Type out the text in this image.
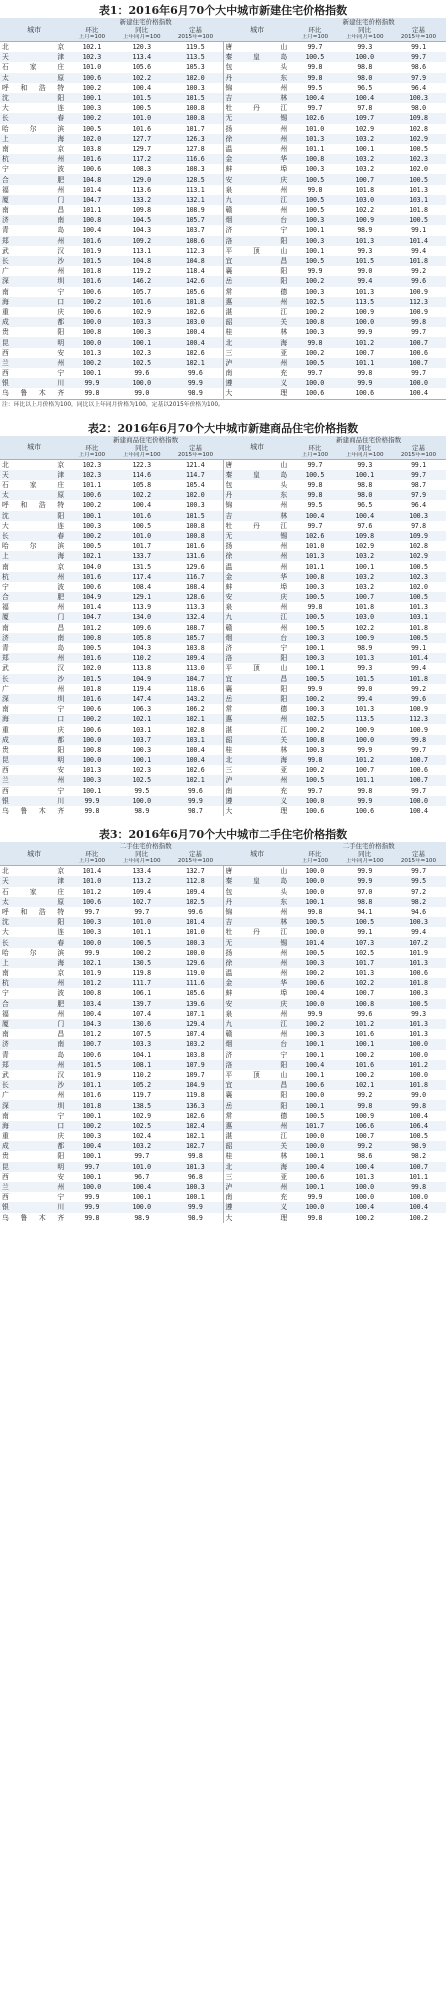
表1：2016年6月70个大中城市新建住宅价格指数
城市	新建住宅价格指数			城市	新建住宅价格指数		
	环比	同比	定基		环比	同比	定基
	上月=100	上年同月=100	2015年=100		上月=100	上年同月=100	2015年=100
北　京	102.1	120.3	119.5	唐　山	99.7	99.3	99.1
天　津	102.3	113.4	113.5	秦皇岛	100.5	100.0	99.7
石家庄	101.0	105.6	105.3	包　头	99.8	98.8	98.6
太　原	100.6	102.2	102.0	丹　东	99.8	98.0	97.9
呼和浩特	100.2	100.4	100.3	锦　州	99.5	96.5	96.4
沈　阳	100.1	101.5	101.5	吉　林	100.4	100.4	100.3
大　连	100.3	100.5	100.8	牡丹江	99.7	97.8	98.0
长　春	100.2	101.0	100.8	无　锡	102.6	109.7	109.8
哈尔滨	100.5	101.6	101.7	扬　州	101.0	102.9	102.8
上　海	102.0	127.7	126.3	徐　州	101.3	103.2	102.9
南　京	103.8	129.7	127.8	温　州	101.1	100.1	100.5
杭　州	101.6	117.2	116.6	金　华	100.8	103.2	102.3
宁　波	100.6	108.3	108.3	蚌　埠	100.3	103.2	102.0
合　肥	104.8	129.0	128.5	安　庆	100.5	100.7	100.5
福　州	101.4	113.6	113.1	泉　州	99.8	101.8	101.3
厦　门	104.7	133.2	132.1	九　江	100.5	103.0	103.1
南　昌	101.1	109.8	108.9	赣　州	100.5	102.2	101.8
济　南	100.8	104.5	105.7	烟　台	100.3	100.9	100.5
青　岛	100.4	104.3	103.7	济　宁	100.1	98.9	99.1
郑　州	101.6	109.2	108.6	洛　阳	100.3	101.3	101.4
武　汉	101.9	113.1	112.3	平顶山	100.1	99.3	99.4
长　沙	101.5	104.8	104.8	宜　昌	100.5	101.5	101.8
广　州	101.8	119.2	118.4	襄　阳	99.9	99.0	99.2
深　圳	101.6	146.2	142.6	岳　阳	100.2	99.4	99.6
南　宁	100.6	105.7	105.6	常　德	100.3	101.3	100.9
海　口	100.2	101.6	101.8	惠　州	102.5	113.5	112.3
重　庆	100.6	102.9	102.6	湛　江	100.2	100.9	100.9
成　都	100.0	103.3	103.0	韶　关	100.8	100.0	99.8
贵　阳	100.8	100.3	100.4	桂　林	100.3	99.9	99.7
昆　明	100.0	100.1	100.4	北　海	99.8	101.2	100.7
西　安	101.3	102.3	102.6	三　亚	100.2	100.7	100.6
兰　州	100.2	102.5	102.1	泸　州	100.5	101.1	100.7
西　宁	100.1	99.6	99.6	南　充	99.7	99.8	99.7
银　川	99.9	100.0	99.9	遵　义	100.0	99.9	100.0
乌鲁木齐	99.8	99.0	98.9	大　理	100.6	100.6	100.4
注：环比以上月价格为100，同比以上年同月价格为100，定基以2015年价格为100。
表2：2016年6月70个大中城市新建商品住宅价格指数
城市	新建商品住宅价格指数			城市	新建商品住宅价格指数		
	环比	同比	定基		环比	同比	定基
	上月=100	上年同月=100	2015年=100		上月=100	上年同月=100	2015年=100
北　京	102.3	122.3	121.4	唐　山	99.7	99.3	99.1
天　津	102.3	114.6	114.7	秦皇岛	100.5	100.1	99.7
石家庄	101.1	105.8	105.4	包　头	99.8	98.8	98.7
太　原	100.6	102.2	102.0	丹　东	99.8	98.0	97.9
呼和浩特	100.2	100.4	100.3	锦　州	99.5	96.5	96.4
沈　阳	100.1	101.6	101.5	吉　林	100.4	100.4	100.3
大　连	100.3	100.5	100.8	牡丹江	99.7	97.6	97.8
长　春	100.2	101.0	100.8	无　锡	102.6	109.8	109.9
哈尔滨	100.5	101.7	101.6	扬　州	101.0	102.9	102.8
上　海	102.1	133.7	131.6	徐　州	101.3	103.2	102.9
南　京	104.0	131.5	129.6	温　州	101.1	100.1	100.5
杭　州	101.6	117.4	116.7	金　华	100.8	103.2	102.3
宁　波	100.6	108.4	108.4	蚌　埠	100.3	103.2	102.0
合　肥	104.9	129.1	128.6	安　庆	100.5	100.7	100.5
福　州	101.4	113.9	113.3	泉　州	99.8	101.8	101.3
厦　门	104.7	134.0	132.4	九　江	100.5	103.0	103.1
南　昌	101.2	109.6	108.7	赣　州	100.5	102.2	101.8
济　南	100.8	105.8	105.7	烟　台	100.3	100.9	100.5
青　岛	100.5	104.3	103.8	济　宁	100.1	98.9	99.1
郑　州	101.6	110.2	109.4	洛　阳	100.3	101.3	101.4
武　汉	102.0	113.8	113.0	平顶山	100.1	99.3	99.4
长　沙	101.5	104.9	104.7	宜　昌	100.5	101.5	101.8
广　州	101.8	119.4	118.6	襄　阳	99.9	99.0	99.2
深　圳	101.6	147.4	143.2	岳　阳	100.2	99.4	99.6
南　宁	100.6	106.3	106.2	常　德	100.3	101.3	100.9
海　口	100.2	102.1	102.1	惠　州	102.5	113.5	112.3
重　庆	100.6	103.1	102.8	湛　江	100.2	100.9	100.9
成　都	100.0	103.7	103.1	韶　关	100.8	100.0	99.8
贵　阳	100.8	100.3	100.4	桂　林	100.3	99.9	99.7
昆　明	100.0	100.1	100.4	北　海	99.8	101.2	100.7
西　安	101.3	102.3	102.6	三　亚	100.2	100.7	100.6
兰　州	100.3	102.5	102.1	泸　州	100.5	101.1	100.7
西　宁	100.1	99.5	99.6	南　充	99.7	99.8	99.7
银　川	99.9	100.0	99.9	遵　义	100.0	99.9	100.0
乌鲁木齐	99.8	98.9	98.7	大　理	100.6	100.6	100.4
表3：2016年6月70个大中城市二手住宅价格指数
城市	二手住宅价格指数			城市	二手住宅价格指数		
	环比	同比	定基		环比	同比	定基
	上月=100	上年同月=100	2015年=100		上月=100	上年同月=100	2015年=100
北　京	101.4	133.4	132.7	唐　山	100.0	99.9	99.7
天　津	101.0	113.2	112.8	秦皇岛	100.0	99.9	99.5
石家庄	101.2	109.4	109.4	包　头	100.0	97.0	97.2
太　原	100.6	102.7	102.5	丹　东	100.1	98.8	98.2
呼和浩特	99.7	99.7	99.6	锦　州	99.8	94.1	94.6
沈　阳	100.3	101.0	101.4	吉　林	100.5	100.5	100.3
大　连	100.3	101.1	101.0	牡丹江	100.0	99.1	99.4
长　春	100.0	100.5	100.3	无　锡	101.4	107.3	107.2
哈尔滨	99.9	100.2	100.0	扬　州	100.5	102.5	101.9
上　海	102.1	130.5	129.6	徐　州	100.3	101.7	101.3
南　京	101.9	119.8	119.0	温　州	100.2	101.3	100.6
杭　州	101.2	111.7	111.6	金　华	100.6	102.2	101.8
宁　波	100.8	106.1	105.6	蚌　埠	100.4	100.7	100.3
合　肥	103.4	139.7	139.6	安　庆	100.0	100.8	100.5
福　州	100.4	107.4	107.1	泉　州	99.9	99.6	99.3
厦　门	104.3	130.6	129.4	九　江	100.2	101.2	101.3
南　昌	101.2	107.5	107.4	赣　州	100.3	101.6	101.3
济　南	100.7	103.3	103.2	烟　台	100.1	100.1	100.0
青　岛	100.6	104.1	103.8	济　宁	100.1	100.2	100.0
郑　州	101.5	108.1	107.9	洛　阳	100.4	101.6	101.2
武　汉	101.9	110.2	109.7	平顶山	100.1	100.2	100.0
长　沙	101.1	105.2	104.9	宜　昌	100.6	102.1	101.8
广　州	101.6	119.7	119.8	襄　阳	100.0	99.2	99.0
深　圳	101.8	138.5	136.3	岳　阳	100.1	99.8	99.8
南　宁	100.1	102.9	102.6	常　德	100.5	100.9	100.4
海　口	100.2	102.5	102.4	惠　州	101.7	106.6	106.4
重　庆	100.3	102.4	102.1	湛　江	100.0	100.7	100.5
成　都	100.4	103.2	102.7	韶　关	100.0	99.2	98.9
贵　阳	100.1	99.7	99.8	桂　林	100.1	98.6	98.2
昆　明	99.7	101.0	101.3	北　海	100.4	100.4	100.7
西　安	100.1	96.7	96.8	三　亚	100.6	101.3	101.1
兰　州	100.0	100.4	100.3	泸　州	100.1	100.0	99.8
西　宁	99.9	100.1	100.1	南　充	99.9	100.0	100.0
银　川	99.9	100.0	99.9	遵　义	100.0	100.4	100.4
乌鲁木齐	99.8	98.9	98.9	大　理	99.8	100.2	100.2
